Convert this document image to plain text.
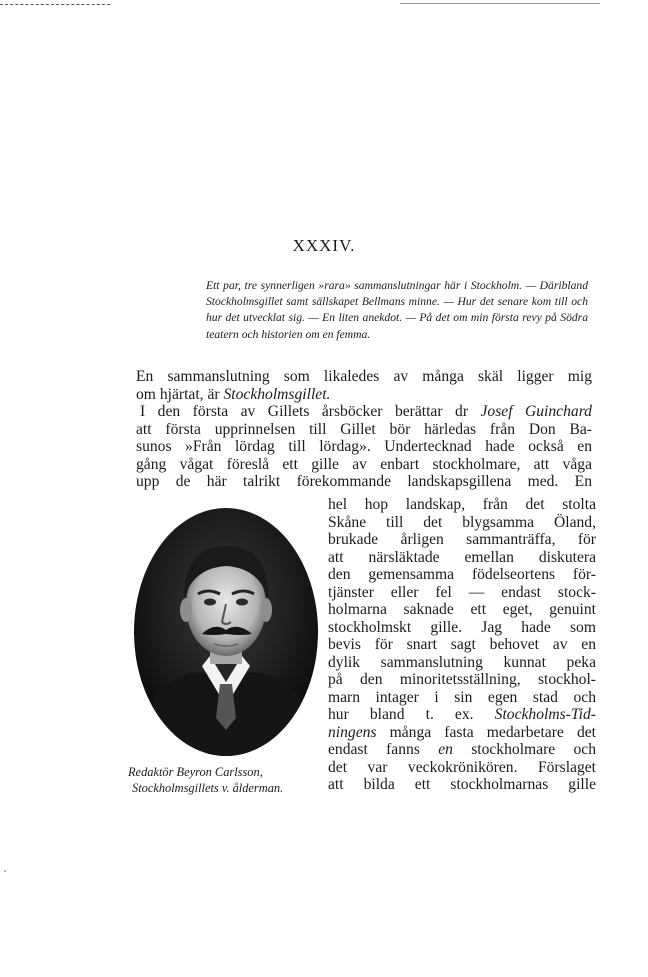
XXXIV.
Ett par, tre synnerligen »rara» sammanslutningar här i Stockholm. — Däribland Stockholmsgillet samt sällskapet Bellmans minne. — Hur det senare kom till och hur det utvecklat sig. — En liten anekdot. — På det om min första revy på Södra teatern och historien om en femma.
En sammanslutning som likaledes av många skäl ligger mig
om hjärtat, är Stockholmsgillet.
I den första av Gillets årsböcker berättar dr Josef Guinchard
att första upprinnelsen till Gillet bör härledas från Don Ba-
sunos »Från lördag till lördag». Undertecknad hade också en
gång vågat föreslå ett gille av enbart stockholmare, att våga
upp de här talrikt förekommande landskapsgillena med. En
hel hop landskap, från det stolta
Skåne till det blygsamma Öland,
brukade årligen sammanträffa, för
att närsläktade emellan diskutera
den gemensamma födelseortens för-
tjänster eller fel — endast stock-
holmarna saknade ett eget, genuint
stockholmskt gille. Jag hade som
bevis för snart sagt behovet av en
dylik sammanslutning kunnat peka
på den minoritetsställning, stockhol-
marn intager i sin egen stad och
hur bland t. ex. Stockholms-Tid-
ningens många fasta medarbetare det
endast fanns en stockholmare och
det var veckokrönikören. Förslaget
att bilda ett stockholmarnas gille
Redaktör Beyron Carlsson,
Stockholmsgillets v. ålderman.
